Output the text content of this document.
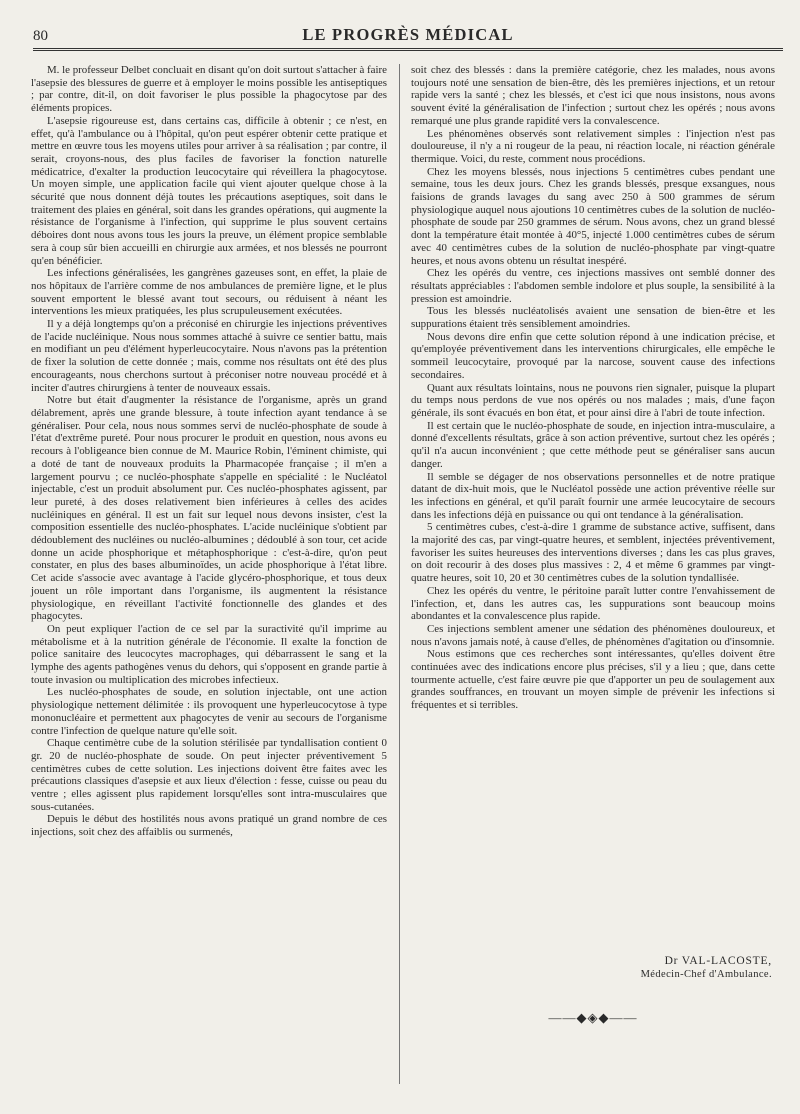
80	LE PROGRÈS MÉDICAL

M. le professeur Delbet concluait en disant qu'on doit surtout s'attacher à faire l'asepsie des blessures de guerre et à employer le moins possible les antiseptiques ; par contre, dit-il, on doit favoriser le plus possible la phagocytose par des éléments propices.

L'asepsie rigoureuse est, dans certains cas, difficile à obtenir ; ce n'est, en effet, qu'à l'ambulance ou à l'hôpital, qu'on peut espérer obtenir cette pratique et mettre en œuvre tous les moyens utiles pour arriver à sa réalisation ; par contre, il serait, croyons-nous, des plus faciles de favoriser la fonction naturelle médicatrice, d'exalter la production leucocytaire qui réveillera la phagocytose. Un moyen simple, une application facile qui vient ajouter quelque chose à la sécurité que nous donnent déjà toutes les précautions aseptiques, soit dans le traitement des plaies en général, soit dans les grandes opérations, qui augmente la résistance de l'organisme à l'infection, qui supprime le plus souvent certains déboires dont nous avons tous les jours la preuve, un élément propice semblable sera à coup sûr bien accueilli en chirurgie aux armées, et nos blessés ne pourront qu'en bénéficier.

Les infections généralisées, les gangrènes gazeuses sont, en effet, la plaie de nos hôpitaux de l'arrière comme de nos ambulances de première ligne, et le plus souvent emportent le blessé avant tout secours, ou réduisent à néant les interventions les mieux pratiquées, les plus scrupuleusement exécutées.

Il y a déjà longtemps qu'on a préconisé en chirurgie les injections préventives de l'acide nucléinique. Nous nous sommes attaché à suivre ce sentier battu, mais en modifiant un peu d'élément hyperleucocytaire. Nous n'avons pas la prétention de fixer la solution de cette donnée ; mais, comme nos résultats ont été des plus encourageants, nous cherchons surtout à préconiser notre nouveau procédé et à inciter d'autres chirurgiens à tenter de nouveaux essais.

Notre but était d'augmenter la résistance de l'organisme, après un grand délabrement, après une grande blessure, à toute infection ayant tendance à se généraliser. Pour cela, nous nous sommes servi de nucléo-phosphate de soude à l'état d'extrême pureté. Pour nous procurer le produit en question, nous avons eu recours à l'obligeance bien connue de M. Maurice Robin, l'éminent chimiste, qui a doté de tant de nouveaux produits la Pharmacopée française ; il m'en a largement pourvu ; ce nucléo-phosphate s'appelle en spécialité : le Nucléatol injectable, c'est un produit absolument pur. Ces nucléo-phosphates agissent, par leur pureté, à des doses relativement bien inférieures à celles des acides nucléiniques en général. Il est un fait sur lequel nous devons insister, c'est la composition essentielle des nucléo-phosphates. L'acide nucléinique s'obtient par dédoublement des nucléines ou nucléo-albumines ; dédoublé à son tour, cet acide donne un acide phosphorique et métaphosphorique : c'est-à-dire, qu'on peut constater, en plus des bases albuminoïdes, un acide phosphorique à l'état libre. Cet acide s'associe avec avantage à l'acide glycéro-phosphorique, et tous deux jouent un rôle important dans l'organisme, ils augmentent la résistance physiologique, en réveillant l'activité fonctionnelle des glandes et des phagocytes.

On peut expliquer l'action de ce sel par la suractivité qu'il imprime au métabolisme et à la nutrition générale de l'économie. Il exalte la fonction de police sanitaire des leucocytes macrophages, qui débarrassent le sang et la lymphe des agents pathogènes venus du dehors, qui s'opposent en grande partie à toute invasion ou multiplication des microbes infectieux.

Les nucléo-phosphates de soude, en solution injectable, ont une action physiologique nettement délimitée : ils provoquent une hyperleucocytose à type mononucléaire et permettent aux phagocytes de venir au secours de l'organisme contre l'infection de quelque nature qu'elle soit.

Chaque centimètre cube de la solution stérilisée par tyndallisation contient 0 gr. 20 de nucléo-phosphate de soude. On peut injecter préventivement 5 centimètres cubes de cette solution. Les injections doivent être faites avec les précautions classiques d'asepsie et aux lieux d'élection : fesse, cuisse ou peau du ventre ; elles agissent plus rapidement lorsqu'elles sont intra-musculaires que sous-cutanées.

Depuis le début des hostilités nous avons pratiqué un grand nombre de ces injections, soit chez des affaiblis ou surmenés,

soit chez des blessés : dans la première catégorie, chez les malades, nous avons toujours noté une sensation de bien-être, dès les premières injections, et un retour rapide vers la santé ; chez les blessés, et c'est ici que nous insistons, nous avons souvent évité la généralisation de l'infection ; surtout chez les opérés ; nous avons remarqué une plus grande rapidité vers la convalescence.

Les phénomènes observés sont relativement simples : l'injection n'est pas douloureuse, il n'y a ni rougeur de la peau, ni réaction locale, ni réaction générale thermique. Voici, du reste, comment nous procédions.

Chez les moyens blessés, nous injections 5 centimètres cubes pendant une semaine, tous les deux jours. Chez les grands blessés, presque exsangues, nous faisions de grands lavages du sang avec 250 à 500 grammes de sérum physiologique auquel nous ajoutions 10 centimètres cubes de la solution de nucléo-phosphate de soude par 250 grammes de sérum. Nous avons, chez un grand blessé dont la température était montée à 40°5, injecté 1.000 centimètres cubes de sérum avec 40 centimètres cubes de la solution de nucléo-phosphate par vingt-quatre heures, et nous avons obtenu un résultat inespéré.

Chez les opérés du ventre, ces injections massives ont semblé donner des résultats appréciables : l'abdomen semble indolore et plus souple, la sensibilité à la pression est amoindrie.

Tous les blessés nucléatolisés avaient une sensation de bien-être et les suppurations étaient très sensiblement amoindries.

Nous devons dire enfin que cette solution répond à une indication précise, et qu'employée préventivement dans les interventions chirurgicales, elle empêche le sommeil leucocytaire, provoqué par la narcose, souvent cause des infections secondaires.

Quant aux résultats lointains, nous ne pouvons rien signaler, puisque la plupart du temps nous perdons de vue nos opérés ou nos malades ; mais, d'une façon générale, ils sont évacués en bon état, et pour ainsi dire à l'abri de toute infection.

Il est certain que le nucléo-phosphate de soude, en injection intra-musculaire, a donné d'excellents résultats, grâce à son action préventive, surtout chez les opérés ; qu'il n'a aucun inconvénient ; que cette méthode peut se généraliser sans aucun danger.

Il semble se dégager de nos observations personnelles et de notre pratique datant de dix-huit mois, que le Nucléatol possède une action préventive réelle sur les infections en général, et qu'il paraît fournir une armée leucocytaire de secours dans les infections déjà en puissance ou qui ont tendance à la généralisation.

5 centimètres cubes, c'est-à-dire 1 gramme de substance active, suffisent, dans la majorité des cas, par vingt-quatre heures, et semblent, injectées préventivement, favoriser les suites heureuses des interventions diverses ; dans les cas plus graves, on doit recourir à des doses plus massives : 2, 4 et même 6 grammes par vingt-quatre heures, soit 10, 20 et 30 centimètres cubes de la solution tyndallisée.

Chez les opérés du ventre, le péritoine paraît lutter contre l'envahissement de l'infection, et, dans les autres cas, les suppurations sont beaucoup moins abondantes et la convalescence plus rapide.

Ces injections semblent amener une sédation des phénomènes douloureux, et nous n'avons jamais noté, à cause d'elles, de phénomènes d'agitation ou d'insomnie.

Nous estimons que ces recherches sont intéressantes, qu'elles doivent être continuées avec des indications encore plus précises, s'il y a lieu ; que, dans cette tourmente actuelle, c'est faire œuvre pie que d'apporter un peu de soulagement aux grandes souffrances, en trouvant un moyen simple de prévenir les infections si fréquentes et si terribles.

Dr VAL-LACOSTE,
Médecin-Chef d'Ambulance.
——◆◈◆——
